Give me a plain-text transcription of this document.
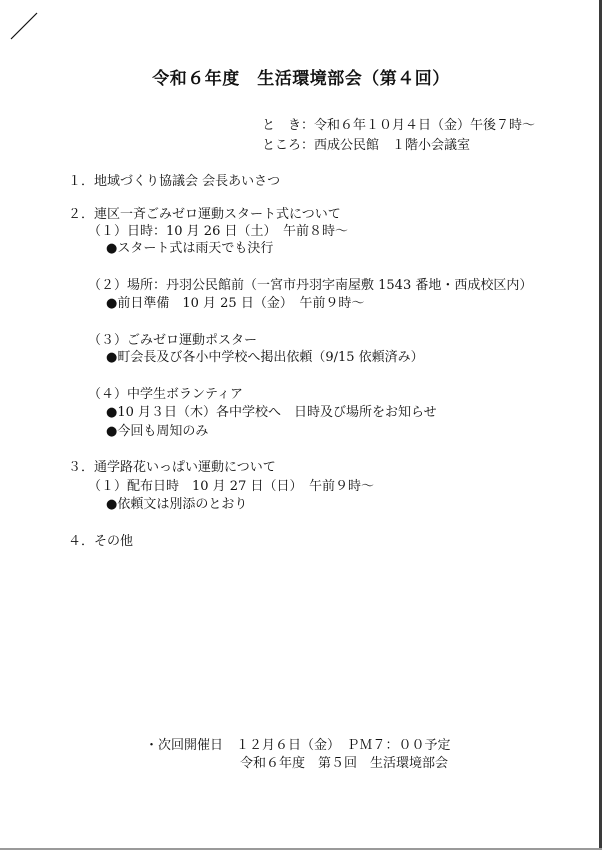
令和６年度　生活環境部会（第４回）
と　き：令和６年１０月４日（金）午後７時～
ところ：西成公民館　１階小会議室
１．地域づくり協議会 会長あいさつ
２．連区一斉ごみゼロ運動スタート式について
（１）日時：10 月 26 日（土）　午前８時～
●スタート式は雨天でも決行
（２）場所：丹羽公民館前（一宮市丹羽字南屋敷 1543 番地・西成校区内）
●前日準備　10 月 25 日（金）　午前９時～
（３）ごみゼロ運動ポスター
●町会長及び各小中学校へ掲出依頼（9/15 依頼済み）
（４）中学生ボランティア
●10 月３日（木）各中学校へ　日時及び場所をお知らせ
●今回も周知のみ
３．通学路花いっぱい運動について
（１）配布日時　10 月 27 日（日）　午前９時～
●依頼文は別添のとおり
４．その他
・次回開催日　１２月６日（金）　ＰＭ７：００予定
令和６年度　第５回　生活環境部会
